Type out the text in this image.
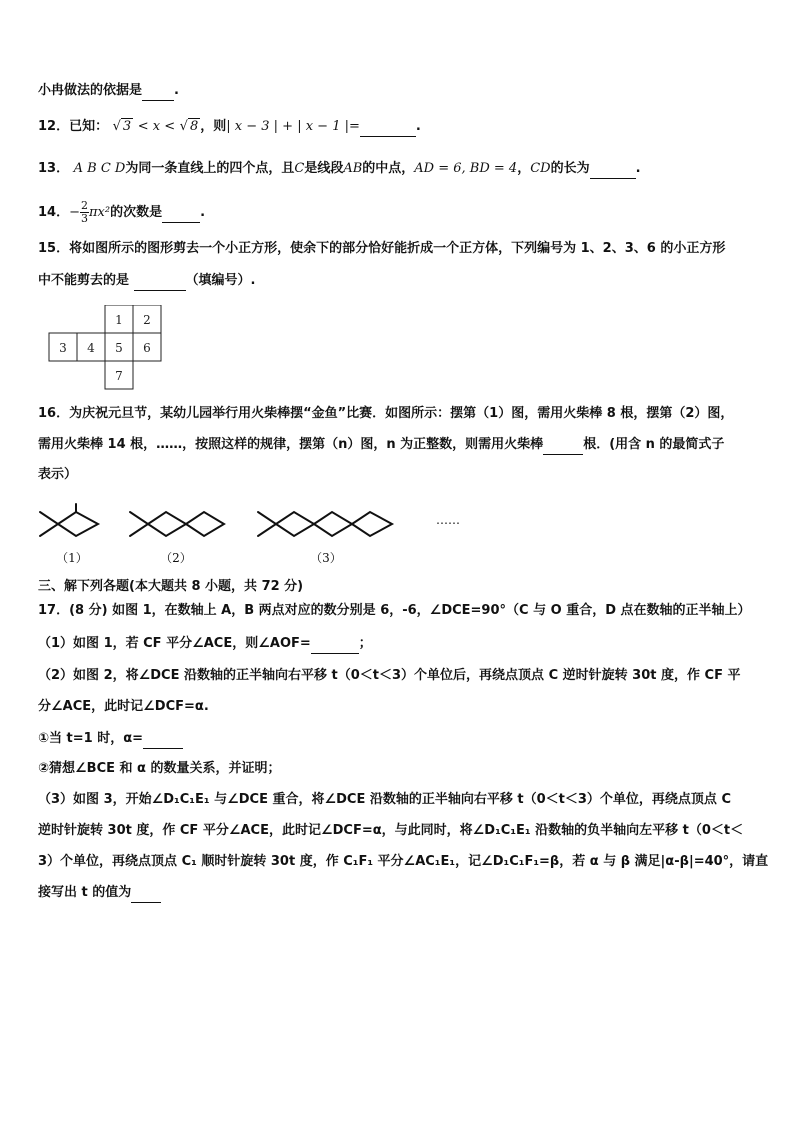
小冉做法的依据是 .
12．已知： √ 3 < x < √ 8 ，则| x − 3 | + | x − 1 |=	.
13． A B C D为同一条直线上的四个点，且C是线段AB的中点，AD = 6, BD = 4，CD的长为	.
14．− $\frac{2}{3} \pi x^2$的次数是	.
15．将如图所示的图形剪去一个小正方形，使余下的部分恰好能折成一个正方体，下列编号为 1、2、3、6 的小正方形
中不能剪去的是	（填编号）.
1 2
3 4 5 6
7
16．为庆祝元旦节，某幼儿园举行用火柴棒摆“金鱼”比赛．如图所示：摆第（1）图，需用火柴棒 8 根，摆第（2）图，
需用火柴棒 14 根，……，按照这样的规律，摆第（n）图，n 为正整数，则需用火柴棒	根．(用含 n 的最简式子
表示）
（1）	（2）	（3）
……
三、解下列各题(本大题共 8 小题，共 72 分)
17．(8 分) 如图 1，在数轴上 A，B 两点对应的数分别是 6，-6，∠DCE=90°（C 与 O 重合，D 点在数轴的正半轴上）
（1）如图 1，若 CF 平分∠ACE，则∠AOF=	；
（2）如图 2，将∠DCE 沿数轴的正半轴向右平移 t（0＜t＜3）个单位后，再绕点顶点 C 逆时针旋转 30t 度，作 CF 平
分∠ACE，此时记∠DCF=α.
①当 t=1 时，α=
②猜想∠BCE 和 α 的数量关系，并证明；
（3）如图 3，开始∠D₁C₁E₁ 与∠DCE 重合，将∠DCE 沿数轴的正半轴向右平移 t（0＜t＜3）个单位，再绕点顶点 C
逆时针旋转 30t 度，作 CF 平分∠ACE，此时记∠DCF=α，与此同时，将∠D₁C₁E₁ 沿数轴的负半轴向左平移 t（0＜t＜
3）个单位，再绕点顶点 C₁ 顺时针旋转 30t 度，作 C₁F₁ 平分∠AC₁E₁，记∠D₁C₁F₁=β，若 α 与 β 满足|α-β|=40°，请直
接写出 t 的值为
